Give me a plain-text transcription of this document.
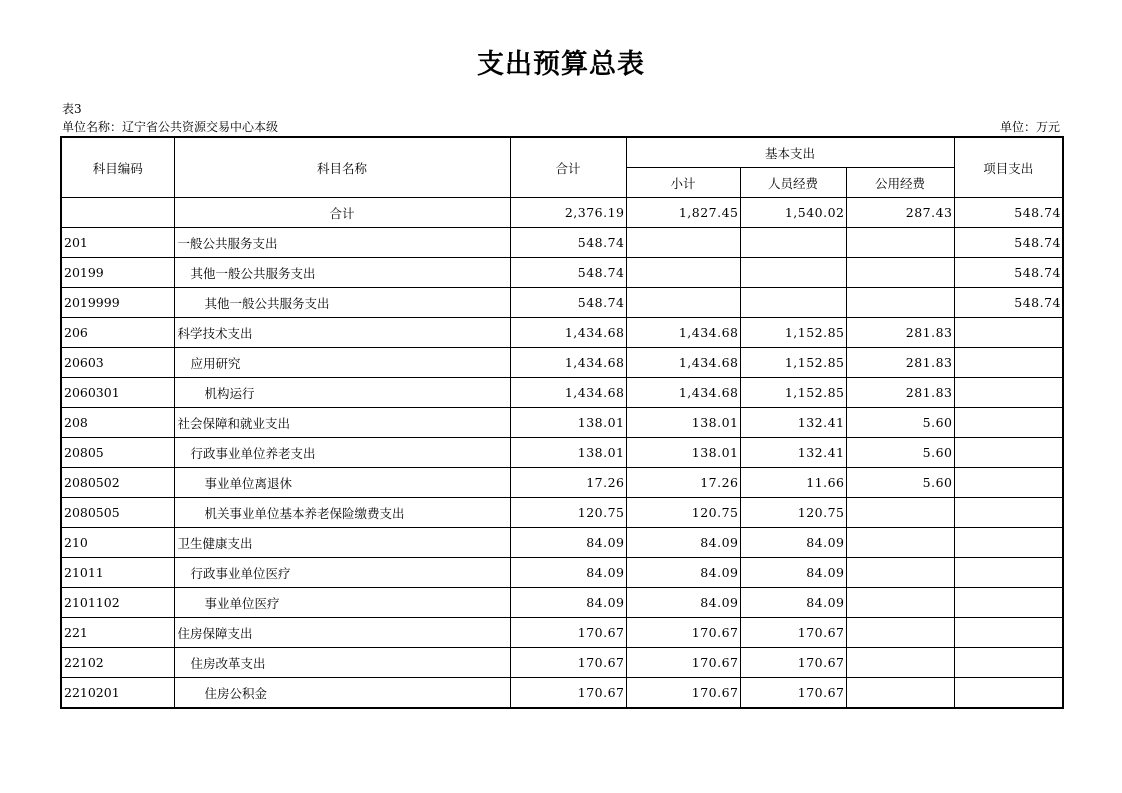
支出预算总表
表3
单位名称：辽宁省公共资源交易中心本级	单位：万元
科目编码	科目名称	合计	基本支出			项目支出
			小计	人员经费	公用经费	
	合计	2,376.19	1,827.45	1,540.02	287.43	548.74
201	一般公共服务支出	548.74				548.74
20199	其他一般公共服务支出	548.74				548.74
2019999	其他一般公共服务支出	548.74				548.74
206	科学技术支出	1,434.68	1,434.68	1,152.85	281.83	
20603	应用研究	1,434.68	1,434.68	1,152.85	281.83	
2060301	机构运行	1,434.68	1,434.68	1,152.85	281.83	
208	社会保障和就业支出	138.01	138.01	132.41	5.60	
20805	行政事业单位养老支出	138.01	138.01	132.41	5.60	
2080502	事业单位离退休	17.26	17.26	11.66	5.60	
2080505	机关事业单位基本养老保险缴费支出	120.75	120.75	120.75		
210	卫生健康支出	84.09	84.09	84.09		
21011	行政事业单位医疗	84.09	84.09	84.09		
2101102	事业单位医疗	84.09	84.09	84.09		
221	住房保障支出	170.67	170.67	170.67		
22102	住房改革支出	170.67	170.67	170.67		
2210201	住房公积金	170.67	170.67	170.67		
